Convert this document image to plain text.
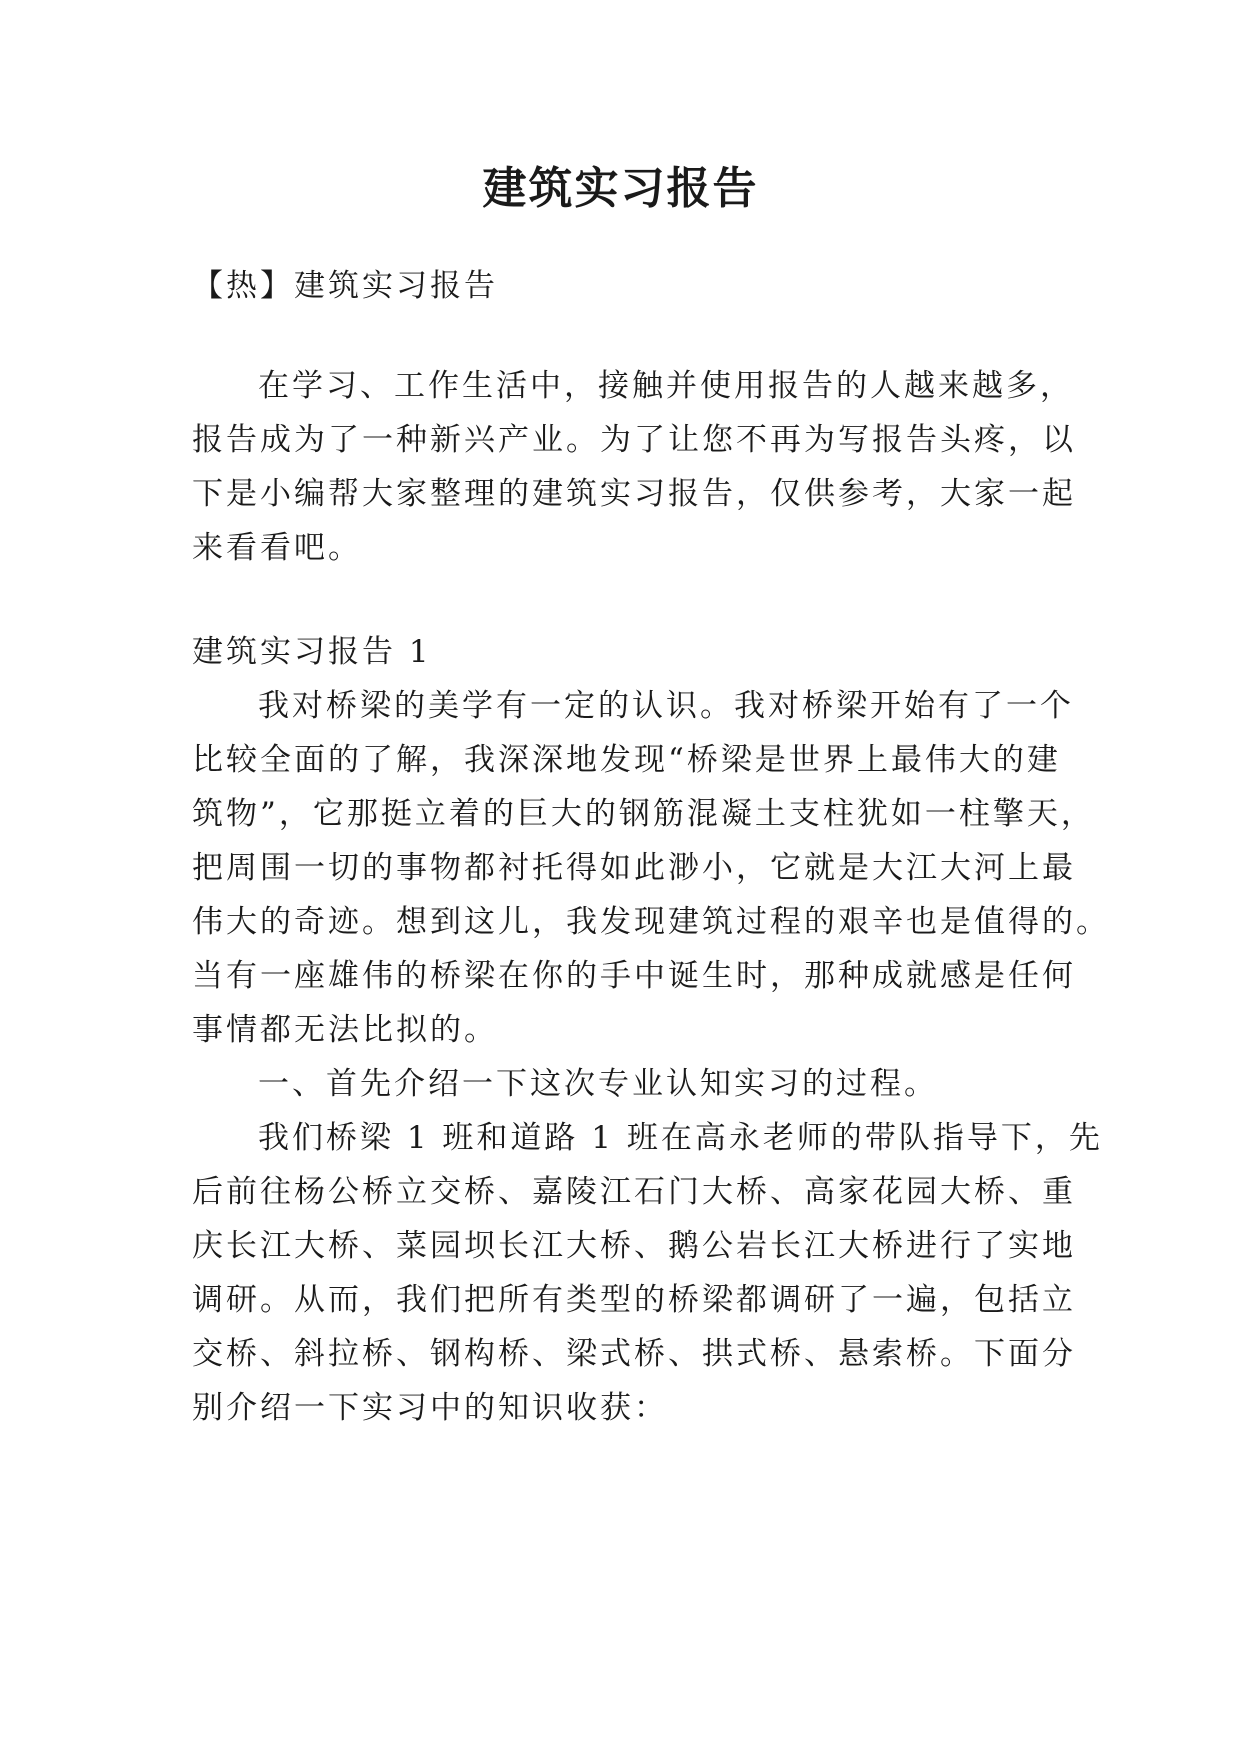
建筑实习报告

【热】建筑实习报告

在学习、工作生活中，接触并使用报告的人越来越多，

报告成为了一种新兴产业。为了让您不再为写报告头疼，以

下是小编帮大家整理的建筑实习报告，仅供参考，大家一起

来看看吧。

建筑实习报告 1

我对桥梁的美学有一定的认识。我对桥梁开始有了一个

比较全面的了解，我深深地发现“桥梁是世界上最伟大的建

筑物”，它那挺立着的巨大的钢筋混凝土支柱犹如一柱擎天，

把周围一切的事物都衬托得如此渺小，它就是大江大河上最

伟大的奇迹。想到这儿，我发现建筑过程的艰辛也是值得的。

当有一座雄伟的桥梁在你的手中诞生时，那种成就感是任何

事情都无法比拟的。

一、首先介绍一下这次专业认知实习的过程。

我们桥梁 1 班和道路 1 班在高永老师的带队指导下，先

后前往杨公桥立交桥、嘉陵江石门大桥、高家花园大桥、重

庆长江大桥、菜园坝长江大桥、鹅公岩长江大桥进行了实地

调研。从而，我们把所有类型的桥梁都调研了一遍，包括立

交桥、斜拉桥、钢构桥、梁式桥、拱式桥、悬索桥。下面分

别介绍一下实习中的知识收获：
